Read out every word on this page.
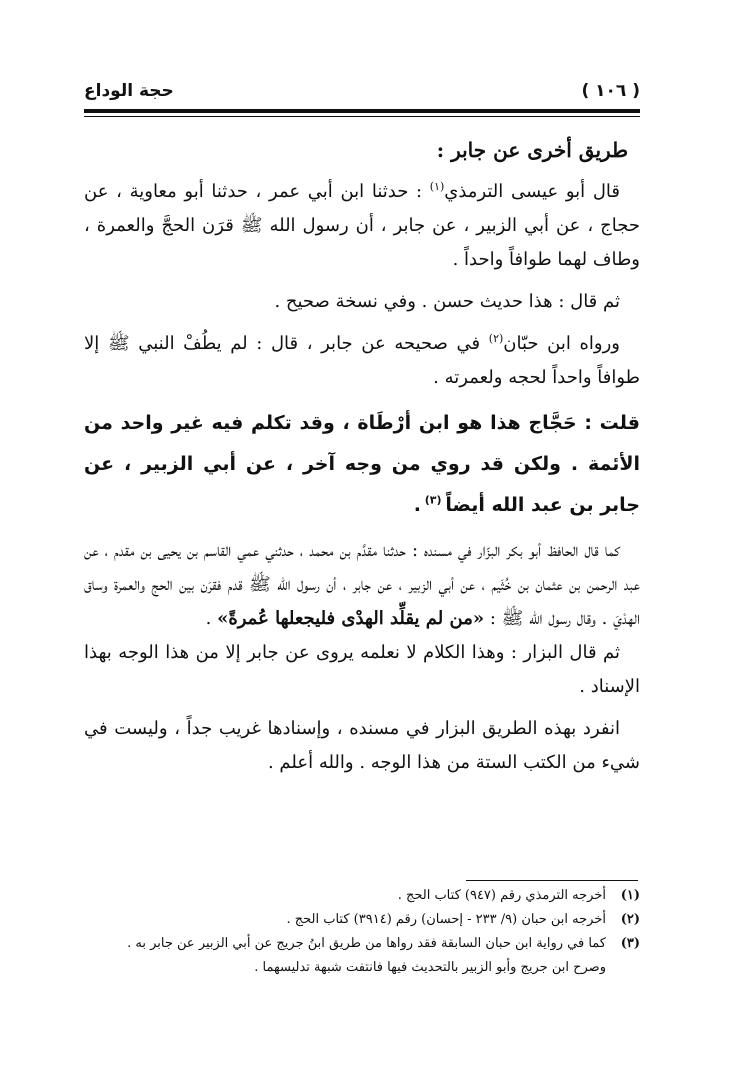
( ١٠٦ )
حجة الوداع

طريق أخرى عن جابر :

قال أبو عيسى الترمذي$^{(١)}$ : حدثنا ابن أبي عمر ، حدثنا أبو معاوية ، عن حجاج ، عن أبي الزبير ، عن جابر ، أن رسول الله ﷺ قرَن الحجَّ والعمرة ، وطاف لهما طوافاً واحداً .

ثم قال : هذا حديث حسن . وفي نسخة صحيح .

ورواه ابن حبّان$^{(٢)}$ في صحيحه عن جابر ، قال : لم يطُفْ النبي ﷺ إلا طوافاً واحداً لحجه ولعمرته .

قلت : حَجَّاج هذا هو ابن أرْطَاة ، وقد تكلم فيه غير واحد من الأئمة . ولكن قد روي من وجه آخر ، عن أبي الزبير ، عن جابر بن عبد الله أيضاً $^{(٣)}$ .

كما قال الحافظ أبو بكر البزّار في مسنده : حدثنا مقدَّم بن محمد ، حدثني عمي القاسم بن يحيى بن مقدم ، عن عبد الرحمن بن عثمان بن خُثَيم ، عن أبي الزبير ، عن جابر ، أن رسول الله ﷺ قدم فقرَن بين الحج والعمرة وساق الهدْيَ . وقال رسول الله ﷺ : «من لم يقلِّد الهدْى فليجعلها عُمرةً» .

ثم قال البزار : وهذا الكلام لا نعلمه يروى عن جابر إلا من هذا الوجه بهذا الإسناد .

انفرد بهذه الطريق البزار في مسنده ، وإسنادها غريب جداً ، وليست في شيء من الكتب الستة من هذا الوجه . والله أعلم .

(١)
أخرجه الترمذي رقم (٩٤٧) كتاب الحج .
(٢)
أخرجه ابن حبان (٩/ ٢٣٣ - إحسان) رقم (٣٩١٤) كتاب الحج .
(٣)
كما في رواية ابن حبان السابقة فقد رواها من طريق ابنُ جريج عن أبي الزبير عن جابر به .
وصرح ابن جريج وأبو الزبير بالتحديث فيها فانتفت شبهة تدليسهما .
